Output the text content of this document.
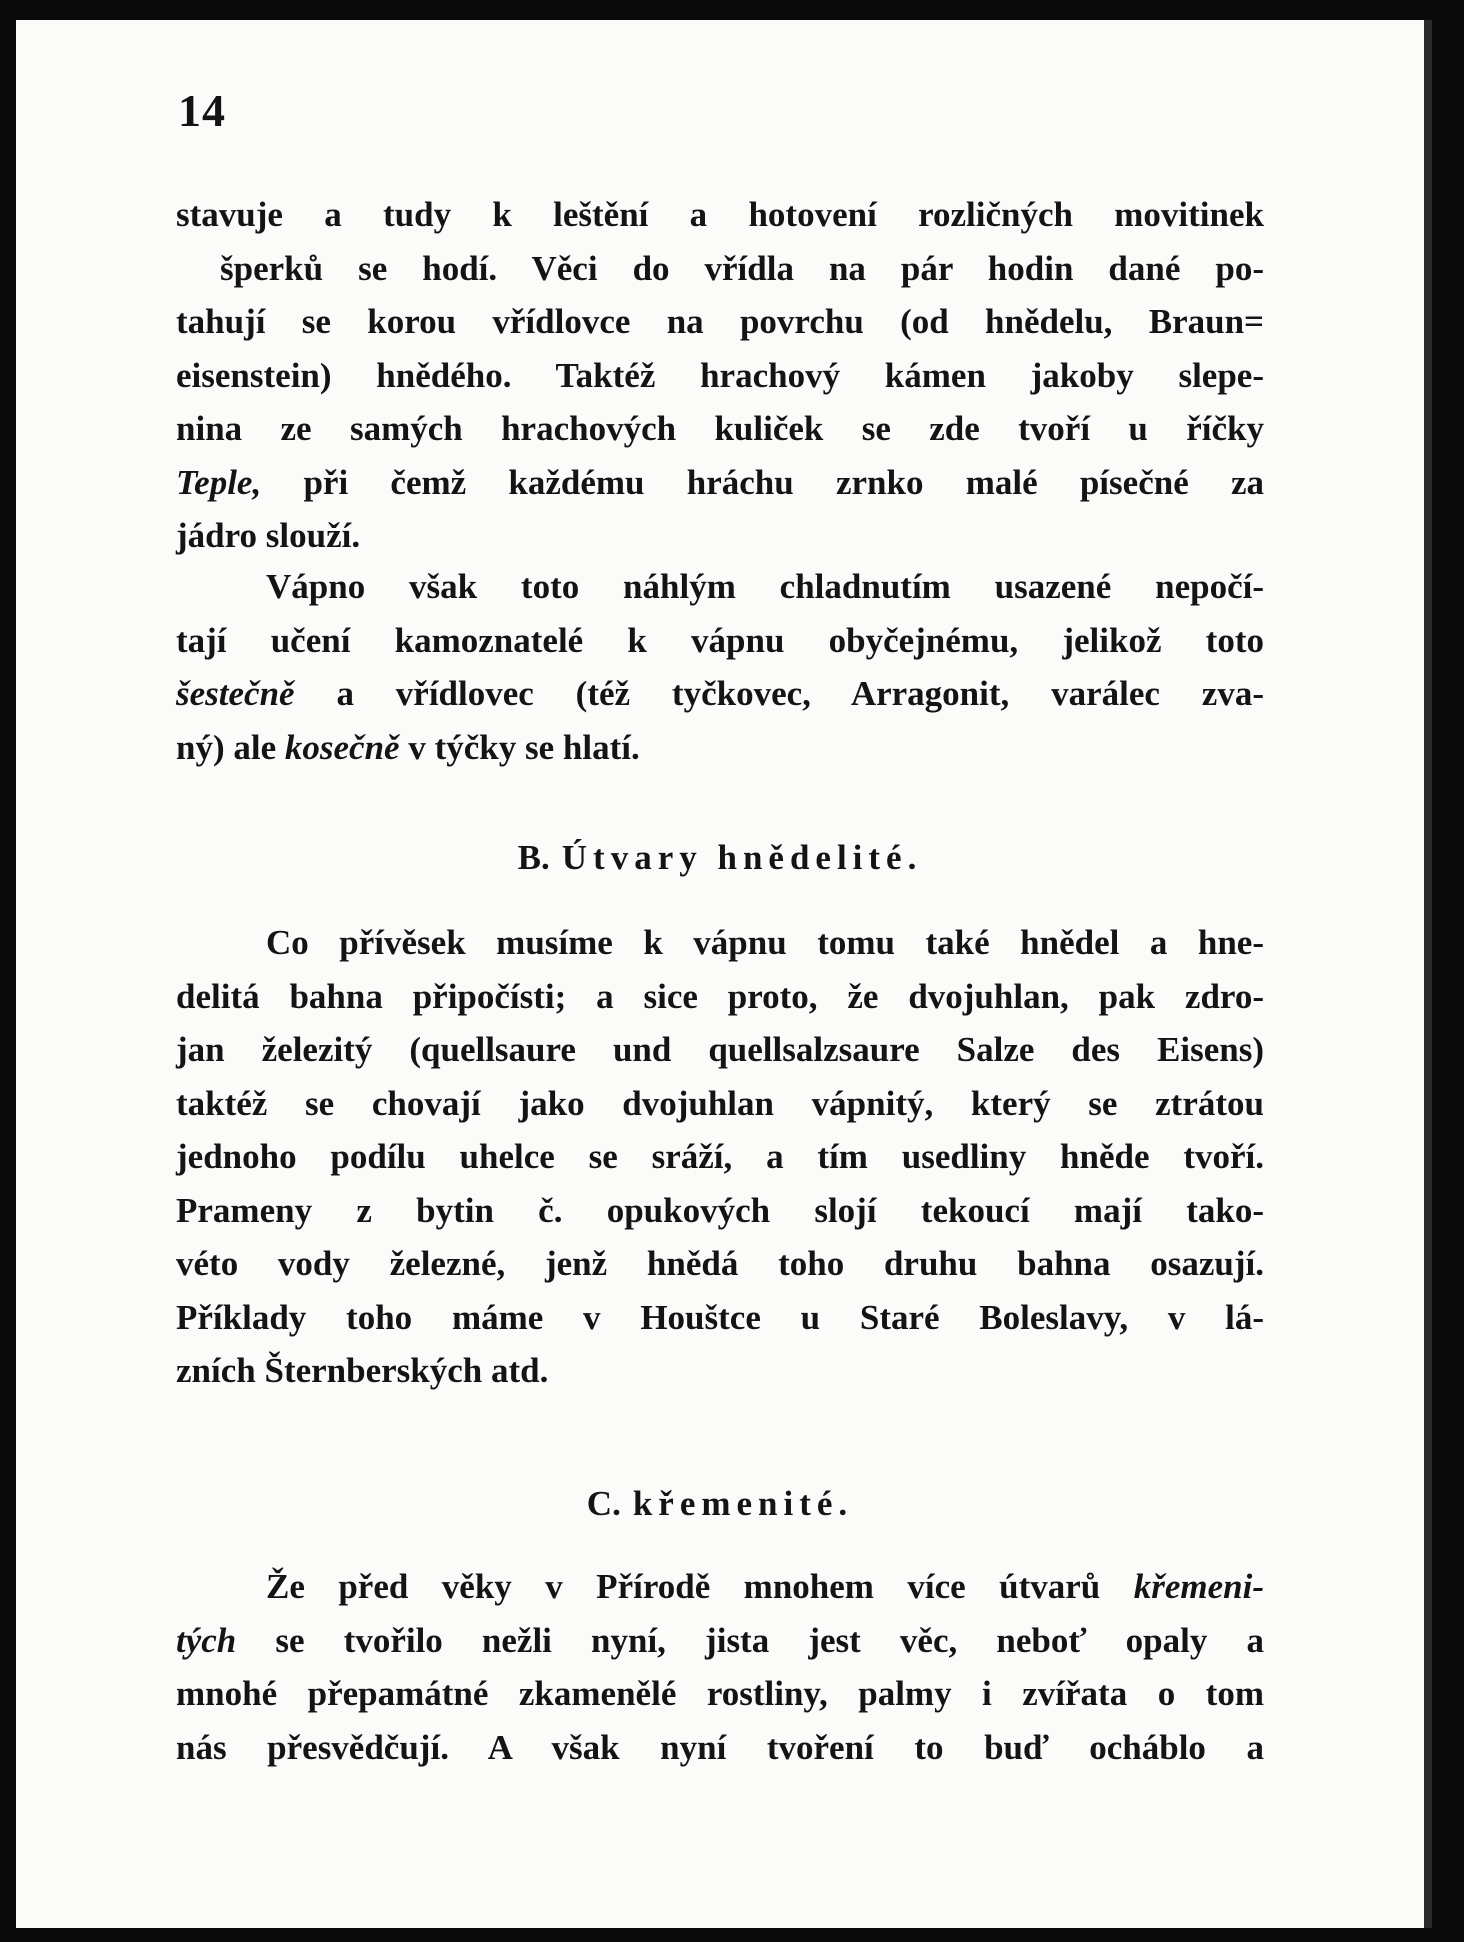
14
stavuje a tudy k leštění a hotovení rozličných movitinek
šperků se hodí. Věci do vřídla na pár hodin dané po-
tahují se korou vřídlovce na povrchu (od hnědelu, Braun=
eisenstein) hnědého. Taktéž hrachový kámen jakoby slepe-
nina ze samých hrachových kuliček se zde tvoří u říčky
Teple, při čemž každému hráchu zrnko malé písečné za
jádro slouží.
Vápno však toto náhlým chladnutím usazené nepočí-
tají učení kamoznatelé k vápnu obyčejnému, jelikož toto
šestečně a vřídlovec (též tyčkovec, Arragonit, varálec zva-
ný) ale kosečně v týčky se hlatí.
B. Útvary hnědelité.
Co přívěsek musíme k vápnu tomu také hnědel a hne-
delitá bahna připočísti; a sice proto, že dvojuhlan, pak zdro-
jan železitý (quellsaure und quellsalzsaure Salze des Eisens)
taktéž se chovají jako dvojuhlan vápnitý, který se ztrátou
jednoho podílu uhelce se sráží, a tím usedliny hněde tvoří.
Prameny z bytin č. opukových slojí tekoucí mají tako-
véto vody železné, jenž hnědá toho druhu bahna osazují.
Příklady toho máme v Houštce u Staré Boleslavy, v lá-
zních Šternberských atd.
C. křemenité.
Že před věky v Přírodě mnohem více útvarů křemeni-
tých se tvořilo nežli nyní, jista jest věc, neboť opaly a
mnohé přepamátné zkamenělé rostliny, palmy i zvířata o tom
nás přesvědčují. A však nyní tvoření to buď ocháblo a
